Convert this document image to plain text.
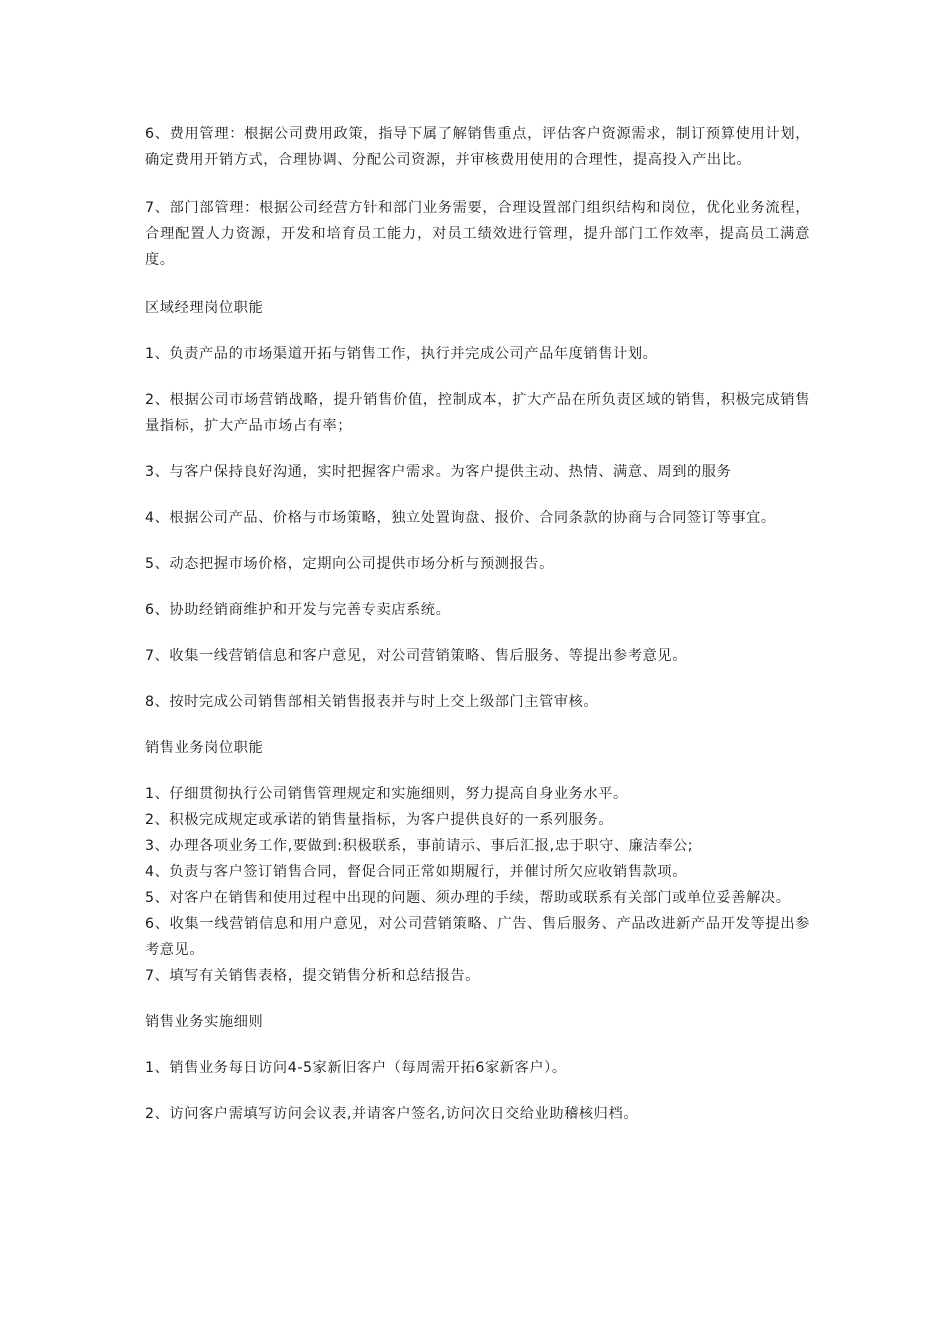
6、费用管理：根据公司费用政策，指导下属了解销售重点，评估客户资源需求，制订预算使用计划，确定费用开销方式，合理协调、分配公司资源，并审核费用使用的合理性，提高投入产出比。

7、部门部管理：根据公司经营方针和部门业务需要，合理设置部门组织结构和岗位，优化业务流程，合理配置人力资源，开发和培育员工能力，对员工绩效进行管理，提升部门工作效率，提高员工满意度。

区域经理岗位职能

1、负责产品的市场渠道开拓与销售工作，执行并完成公司产品年度销售计划。

2、根据公司市场营销战略，提升销售价值，控制成本，扩大产品在所负责区域的销售，积极完成销售量指标，扩大产品市场占有率；

3、与客户保持良好沟通，实时把握客户需求。为客户提供主动、热情、满意、周到的服务

4、根据公司产品、价格与市场策略，独立处置询盘、报价、合同条款的协商与合同签订等事宜。

5、动态把握市场价格，定期向公司提供市场分析与预测报告。

6、协助经销商维护和开发与完善专卖店系统。

7、收集一线营销信息和客户意见，对公司营销策略、售后服务、等提出参考意见。

8、按时完成公司销售部相关销售报表并与时上交上级部门主管审核。

销售业务岗位职能

1、仔细贯彻执行公司销售管理规定和实施细则，努力提高自身业务水平。

2、积极完成规定或承诺的销售量指标，为客户提供良好的一系列服务。

3、办理各项业务工作,要做到:积极联系，事前请示、事后汇报,忠于职守、廉洁奉公;

4、负责与客户签订销售合同，督促合同正常如期履行，并催讨所欠应收销售款项。

5、对客户在销售和使用过程中出现的问题、须办理的手续，帮助或联系有关部门或单位妥善解决。

6、收集一线营销信息和用户意见，对公司营销策略、广告、售后服务、产品改进新产品开发等提出参考意见。

7、填写有关销售表格，提交销售分析和总结报告。

销售业务实施细则

1、销售业务每日访问4-5家新旧客户（每周需开拓6家新客户）。

2、访问客户需填写访问会议表,并请客户签名,访问次日交给业助稽核归档。
